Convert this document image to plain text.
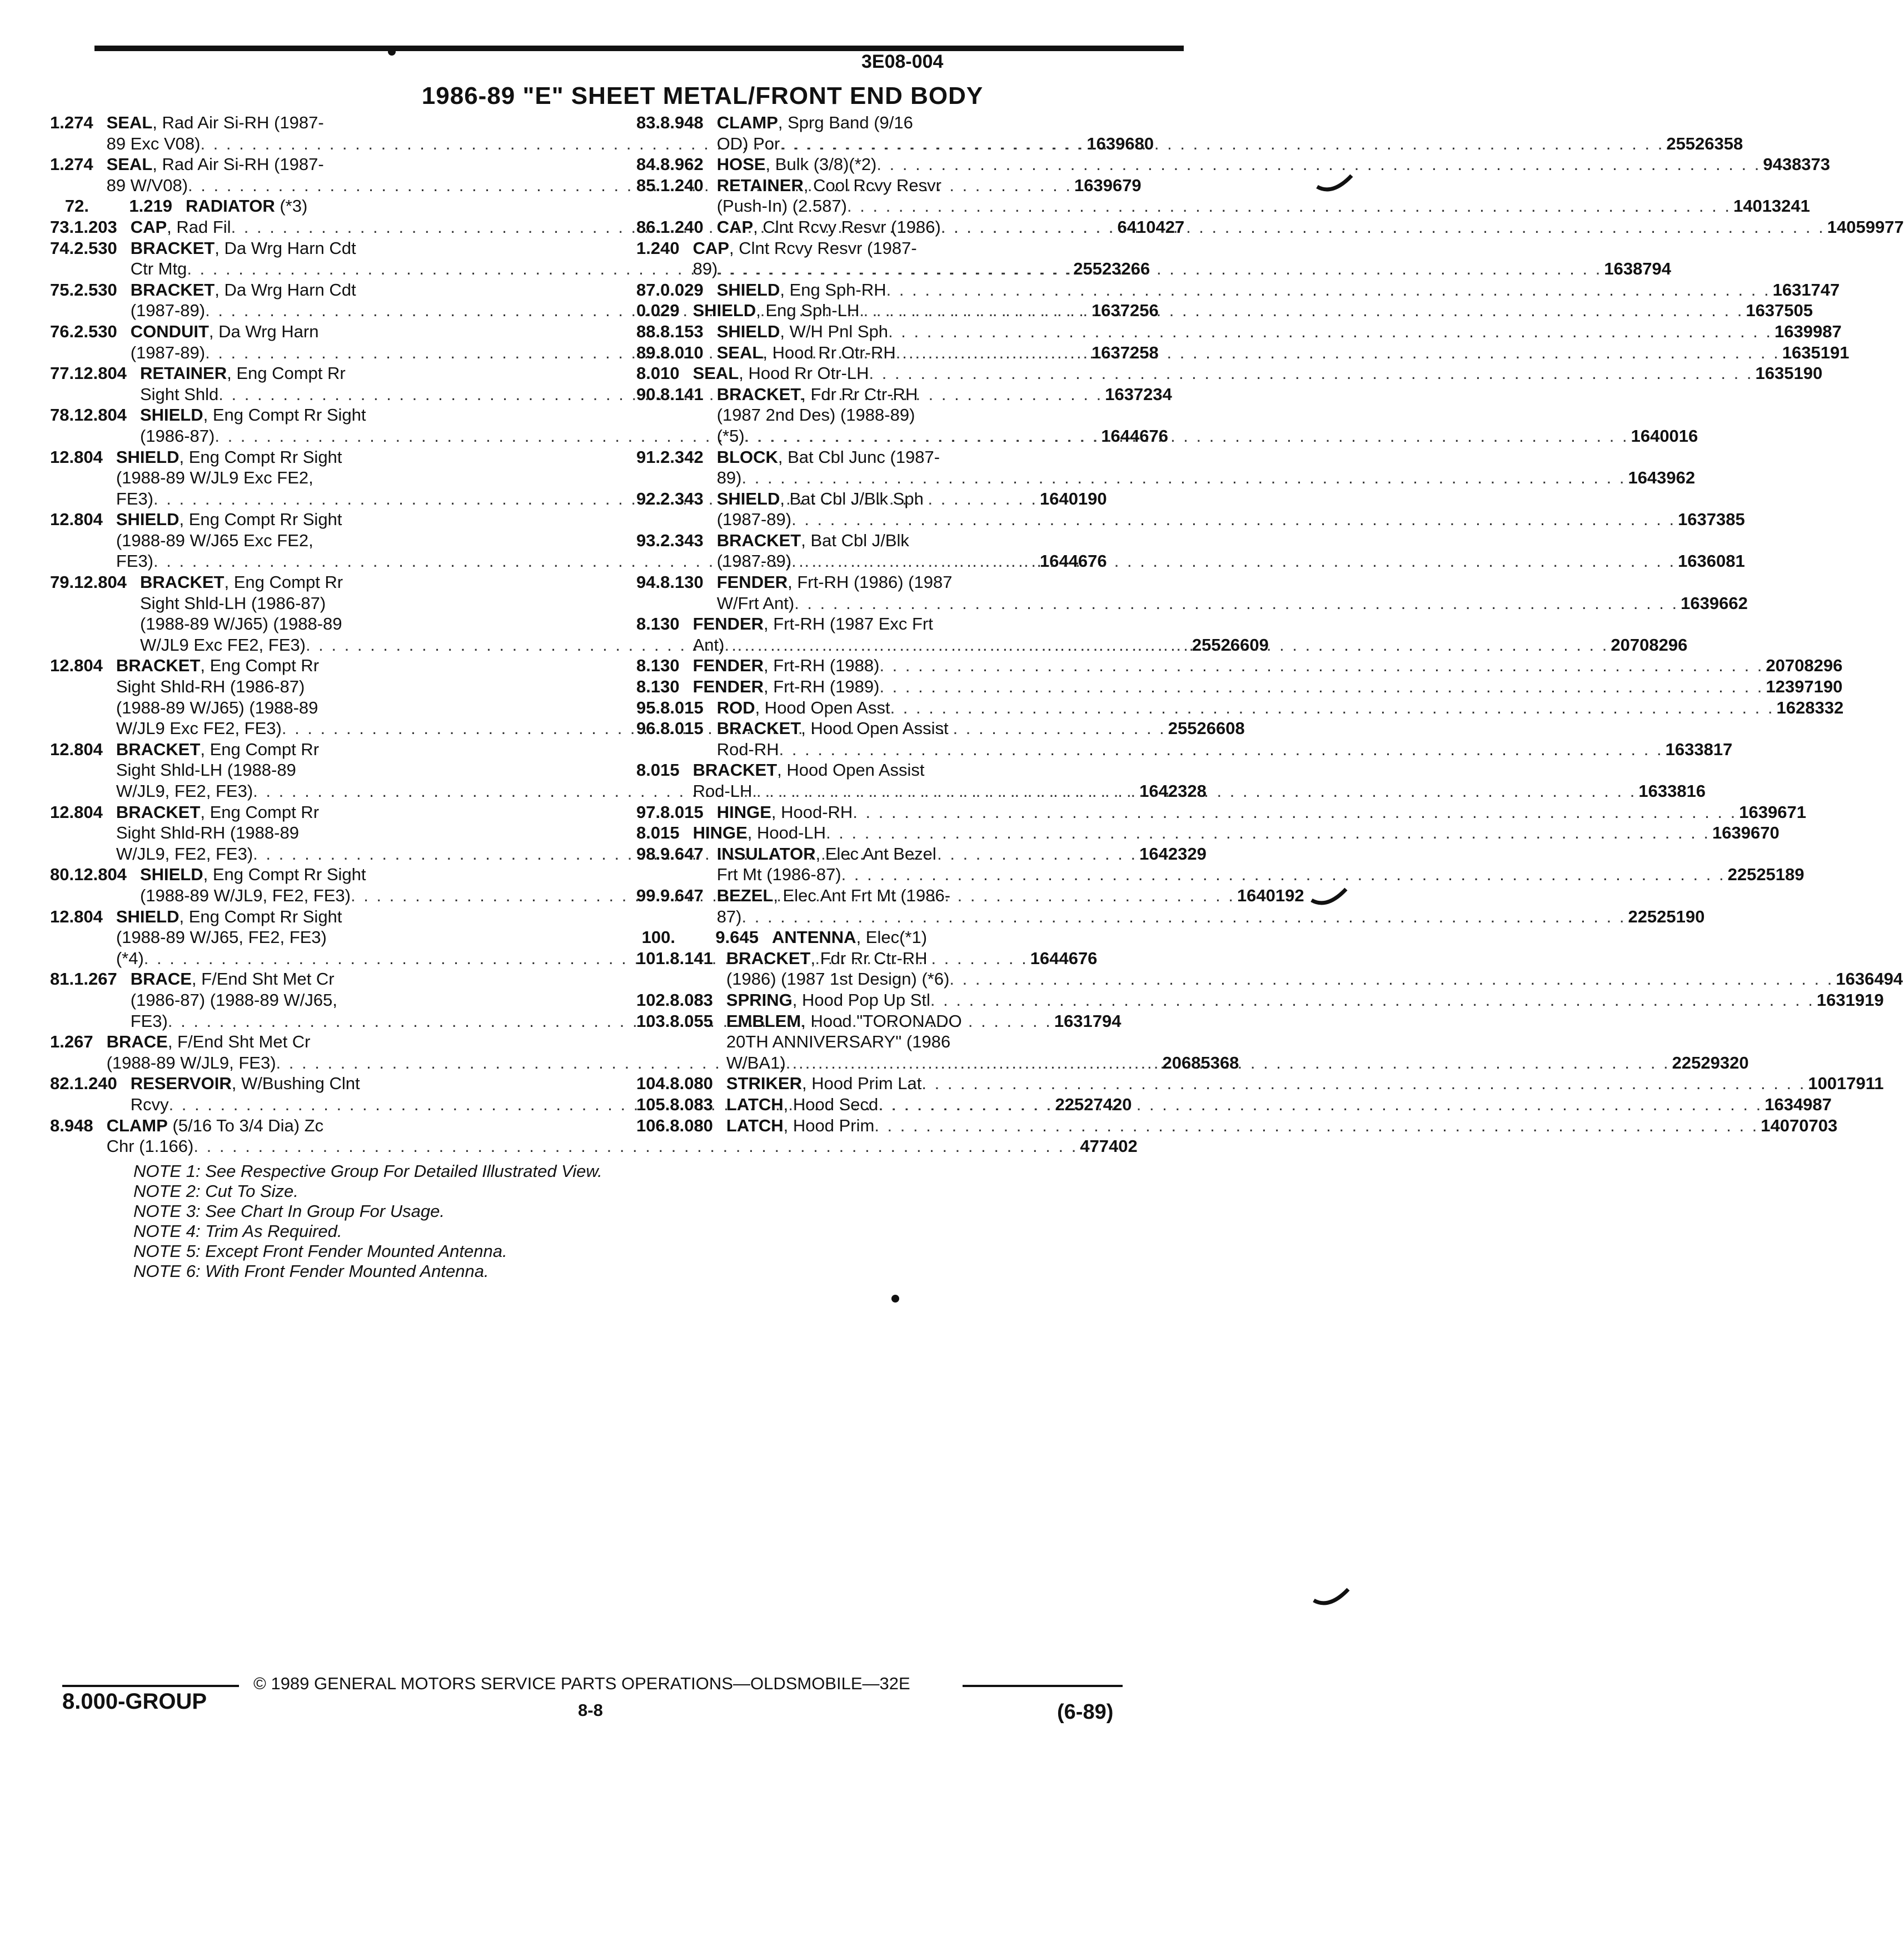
3E08-004
1986-89 "E" SHEET METAL/FRONT END BODY
1.274 SEAL, Rad Air Si-RH (1987-
89 Exc V08) . . .	1639680
1.274 SEAL, Rad Air Si-RH (1987-
89 W/V08) . . .	1639679
72.	1.219 RADIATOR (*3)
73. 1.203 CAP, Rad Fil . . .	6410427
74. 2.530 BRACKET, Da Wrg Harn Cdt
Ctr Mtg . . .	25523266
75. 2.530 BRACKET, Da Wrg Harn Cdt
(1987-89) . . .	1637256
76. 2.530 CONDUIT, Da Wrg Harn
(1987-89) . . .	1637258
77. 12.804 RETAINER, Eng Compt Rr
Sight Shld . . .	1637234
78. 12.804 SHIELD, Eng Compt Rr Sight
(1986-87) . . .	1644676
12.804 SHIELD, Eng Compt Rr Sight
(1988-89 W/JL9 Exc FE2,
FE3) . . .	1640190
12.804 SHIELD, Eng Compt Rr Sight
(1988-89 W/J65 Exc FE2,
FE3) . . .	1644676
79. 12.804 BRACKET, Eng Compt Rr
Sight Shld-LH (1986-87)
(1988-89 W/J65) (1988-89
W/JL9 Exc FE2, FE3) . . .	25526609
12.804 BRACKET, Eng Compt Rr
Sight Shld-RH (1986-87)
(1988-89 W/J65) (1988-89
W/JL9 Exc FE2, FE3) . . .	25526608
12.804 BRACKET, Eng Compt Rr
Sight Shld-LH (1988-89
W/JL9, FE2, FE3) . . .	1642328
12.804 BRACKET, Eng Compt Rr
Sight Shld-RH (1988-89
W/JL9, FE2, FE3) . . .	1642329
80. 12.804 SHIELD, Eng Compt Rr Sight
(1988-89 W/JL9, FE2, FE3) . . .	1640192
12.804 SHIELD, Eng Compt Rr Sight
(1988-89 W/J65, FE2, FE3)
(*4) . . .	1644676
81. 1.267 BRACE, F/End Sht Met Cr
(1986-87) (1988-89 W/J65,
FE3) . . .	1631794
1.267 BRACE, F/End Sht Met Cr
(1988-89 W/JL9, FE3) . . .	20685368
82. 1.240 RESERVOIR, W/Bushing Clnt
Rcvy . . .	22527420
8.948 CLAMP (5/16 To 3/4 Dia) Zc
Chr (1.166) . . .	477402
83. 8.948 CLAMP, Sprg Band (9/16
OD) Por . . .	25526358
84. 8.962 HOSE, Bulk (3/8)(*2) . . .	9438373
85. 1.240 RETAINER, Cool Rcvy Resvr
(Push-In) (2.587) . . .	14013241
86. 1.240 CAP, Clnt Rcvy Resvr (1986) . . .	14059977
1.240 CAP, Clnt Rcvy Resvr (1987-
89) . . .	1638794
87. 0.029 SHIELD, Eng Sph-RH . . .	1631747
0.029 SHIELD, Eng Sph-LH . . .	1637505
88. 8.153 SHIELD, W/H Pnl Sph . . .	1639987
89. 8.010 SEAL, Hood Rr Otr-RH . . .	1635191
8.010 SEAL, Hood Rr Otr-LH . . .	1635190
90. 8.141 BRACKET, Fdr Rr Ctr-RH
(1987 2nd Des) (1988-89)
(*5) . . .	1640016
91. 2.342 BLOCK, Bat Cbl Junc (1987-
89) . . .	1643962
92. 2.343 SHIELD, Bat Cbl J/Blk Sph
(1987-89) . . .	1637385
93. 2.343 BRACKET, Bat Cbl J/Blk
(1987-89) . . .	1636081
94. 8.130 FENDER, Frt-RH (1986) (1987
W/Frt Ant) . . .	1639662
8.130 FENDER, Frt-RH (1987 Exc Frt
Ant) . . .	20708296
8.130 FENDER, Frt-RH (1988) . . .	20708296
8.130 FENDER, Frt-RH (1989) . . .	12397190
95. 8.015 ROD, Hood Open Asst . . .	1628332
96. 8.015 BRACKET, Hood Open Assist
Rod-RH . . .	1633817
8.015 BRACKET, Hood Open Assist
Rod-LH . . .	1633816
97. 8.015 HINGE, Hood-RH . . .	1639671
8.015 HINGE, Hood-LH . . .	1639670
98. 9.647 INSULATOR, Elec Ant Bezel
Frt Mt (1986-87) . . .	22525189
99. 9.647 BEZEL, Elec Ant Frt Mt (1986-
87) . . .	22525190
100.	9.645 ANTENNA, Elec(*1)
101. 8.141 BRACKET, Fdr Rr Ctr-RH
(1986) (1987 1st Design) (*6) . . .	1636494
102. 8.083 SPRING, Hood Pop Up Stl . . .	1631919
103. 8.055 EMBLEM, Hood "TORONADO
20TH ANNIVERSARY" (1986
W/BA1) . . .	22529320
104. 8.080 STRIKER, Hood Prim Lat . . .	10017911
105. 8.083 LATCH, Hood Secd . . .	1634987
106. 8.080 LATCH, Hood Prim . . .	14070703
NOTE 1: See Respective Group For Detailed Illustrated View.
NOTE 2: Cut To Size.
NOTE 3: See Chart In Group For Usage.
NOTE 4: Trim As Required.
NOTE 5: Except Front Fender Mounted Antenna.
NOTE 6: With Front Fender Mounted Antenna.
8.000-GROUP
© 1989 GENERAL MOTORS SERVICE PARTS OPERATIONS—OLDSMOBILE—32E
8-8	(6-89)
